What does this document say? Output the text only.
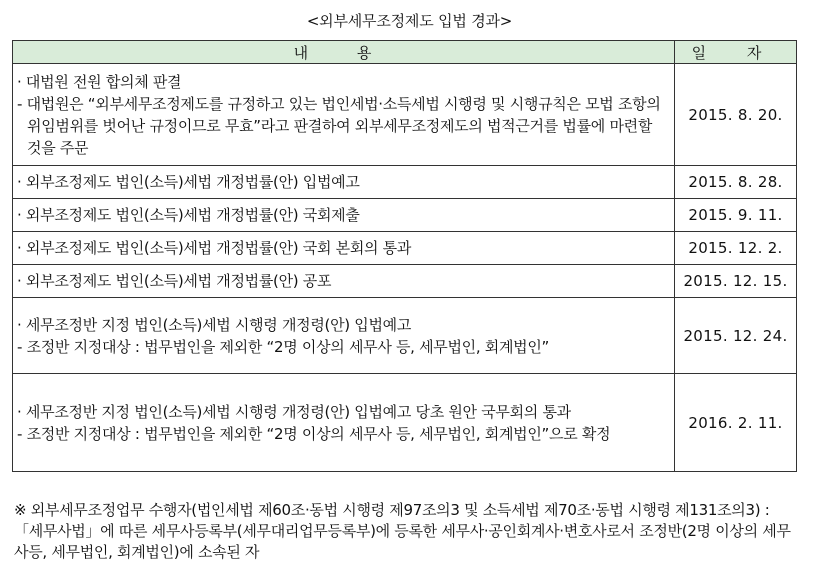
<외부세무조정제도 입법 경과>
내 용	일 자

· 대법원 전원 합의체 판결
- 대법원은 “외부세무조정제도를 규정하고 있는 법인세법·소득세법 시행령 및 시행규칙은 모법 조항의 위임범위를 벗어난 규정이므로 무효”라고 판결하여 외부세무조정제도의 법적근거를 법률에 마련할 것을 주문	2015. 8. 20.

· 외부조정제도 법인(소득)세법 개정법률(안) 입법예고	2015. 8. 28.

· 외부조정제도 법인(소득)세법 개정법률(안) 국회제출	2015. 9. 11.

· 외부조정제도 법인(소득)세법 개정법률(안) 국회 본회의 통과	2015. 12. 2.

· 외부조정제도 법인(소득)세법 개정법률(안) 공포	2015. 12. 15.

· 세무조정반 지정 법인(소득)세법 시행령 개정령(안) 입법예고
- 조정반 지정대상 : 법무법인을 제외한 “2명 이상의 세무사 등, 세무법인, 회계법인”	2015. 12. 24.

· 세무조정반 지정 법인(소득)세법 시행령 개정령(안) 입법예고 당초 원안 국무회의 통과
- 조정반 지정대상 : 법무법인을 제외한 “2명 이상의 세무사 등, 세무법인, 회계법인”으로 확정	2016. 2. 11.
※ 외부세무조정업무 수행자(법인세법 제60조·동법 시행령 제97조의3 및 소득세법 제70조·동법 시행령 제131조의3) : 「세무사법」에 따른 세무사등록부(세무대리업무등록부)에 등록한 세무사·공인회계사·변호사로서 조정반(2명 이상의 세무사등, 세무법인, 회계법인)에 소속된 자
